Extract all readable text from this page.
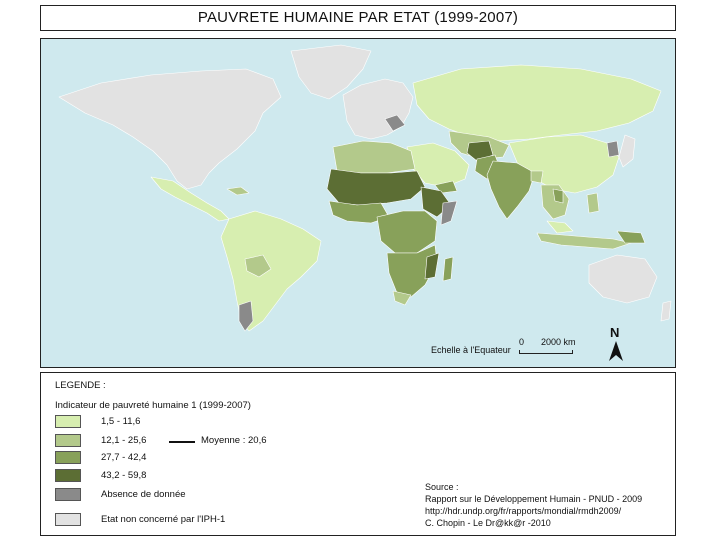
PAUVRETE HUMAINE PAR ETAT (1999-2007)
Echelle à l'Equateur
0 2000 km
N
LEGENDE :
Indicateur de pauvreté humaine 1 (1999-2007)
1,5 - 11,6
12,1 - 25,6	Moyenne : 20,6
27,7 - 42,4
43,2 - 59,8
Absence de donnée
Etat non concerné par l'IPH-1
Source :
Rapport sur le Développement Humain - PNUD - 2009
http://hdr.undp.org/fr/rapports/mondial/rmdh2009/
C. Chopin - Le Dr@kk@r -2010
